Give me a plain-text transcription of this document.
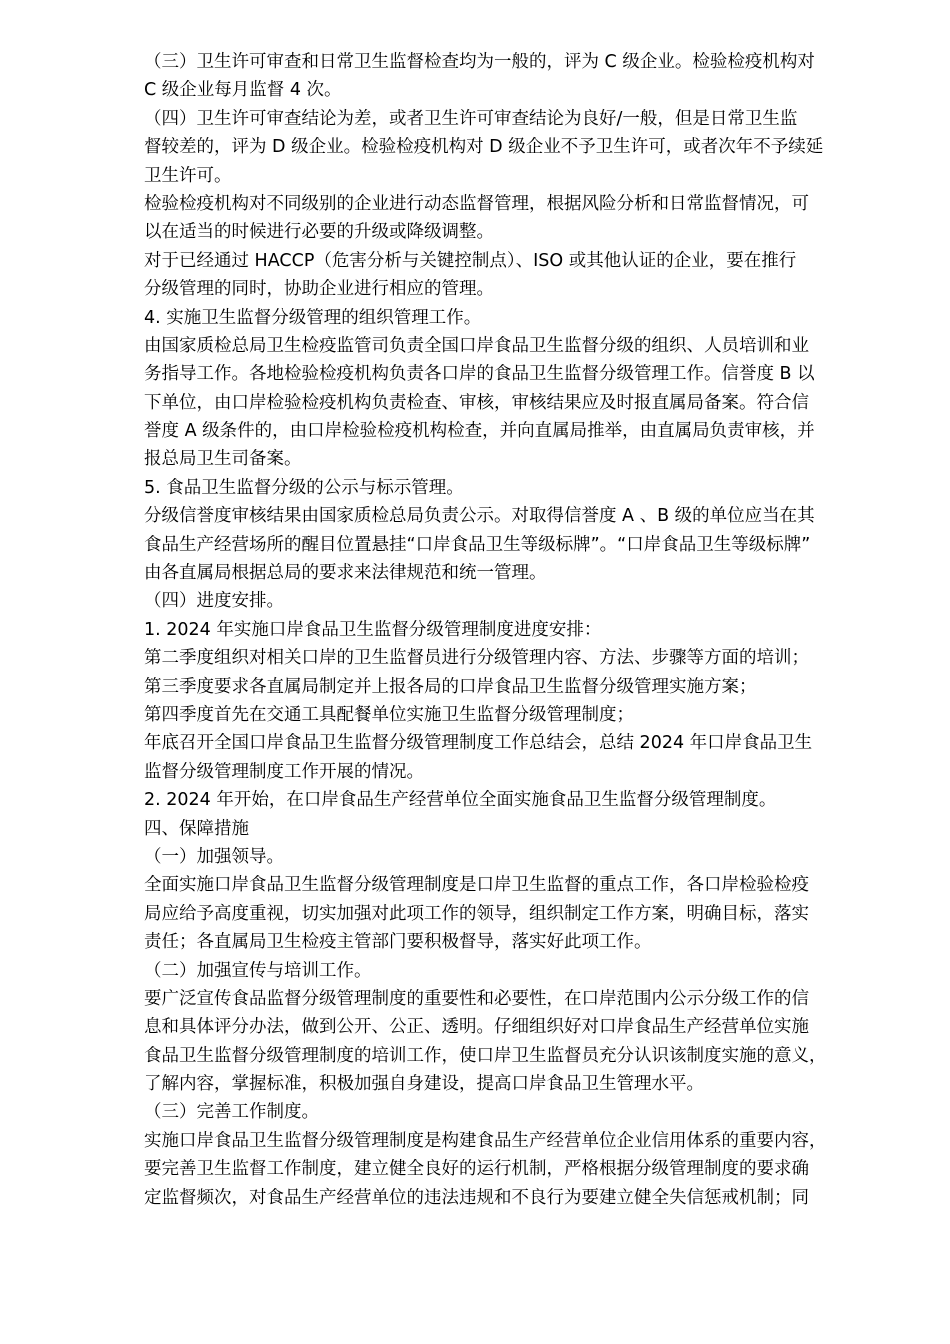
（三）卫生许可审查和日常卫生监督检查均为一般的，评为 C 级企业。检验检疫机构对
C 级企业每月监督 4 次。

（四）卫生许可审查结论为差，或者卫生许可审查结论为良好/一般，但是日常卫生监
督较差的，评为 D 级企业。检验检疫机构对 D 级企业不予卫生许可，或者次年不予续延
卫生许可。

检验检疫机构对不同级别的企业进行动态监督管理，根据风险分析和日常监督情况，可
以在适当的时候进行必要的升级或降级调整。

对于已经通过 HACCP（危害分析与关键控制点）、ISO 或其他认证的企业，要在推行
分级管理的同时，协助企业进行相应的管理。

4. 实施卫生监督分级管理的组织管理工作。

由国家质检总局卫生检疫监管司负责全国口岸食品卫生监督分级的组织、人员培训和业
务指导工作。各地检验检疫机构负责各口岸的食品卫生监督分级管理工作。信誉度 B 以
下单位，由口岸检验检疫机构负责检查、审核，审核结果应及时报直属局备案。符合信
誉度 A 级条件的，由口岸检验检疫机构检查，并向直属局推举，由直属局负责审核，并
报总局卫生司备案。

5. 食品卫生监督分级的公示与标示管理。

分级信誉度审核结果由国家质检总局负责公示。对取得信誉度 A 、B 级的单位应当在其
食品生产经营场所的醒目位置悬挂“口岸食品卫生等级标牌”。“口岸食品卫生等级标牌”
由各直属局根据总局的要求来法律规范和统一管理。

（四）进度安排。

1. 2024 年实施口岸食品卫生监督分级管理制度进度安排：

第二季度组织对相关口岸的卫生监督员进行分级管理内容、方法、步骤等方面的培训；

第三季度要求各直属局制定并上报各局的口岸食品卫生监督分级管理实施方案；

第四季度首先在交通工具配餐单位实施卫生监督分级管理制度；

年底召开全国口岸食品卫生监督分级管理制度工作总结会，总结 2024 年口岸食品卫生
监督分级管理制度工作开展的情况。

2. 2024 年开始，在口岸食品生产经营单位全面实施食品卫生监督分级管理制度。

四、保障措施

（一）加强领导。

全面实施口岸食品卫生监督分级管理制度是口岸卫生监督的重点工作，各口岸检验检疫
局应给予高度重视，切实加强对此项工作的领导，组织制定工作方案，明确目标，落实
责任；各直属局卫生检疫主管部门要积极督导，落实好此项工作。

（二）加强宣传与培训工作。

要广泛宣传食品监督分级管理制度的重要性和必要性，在口岸范围内公示分级工作的信
息和具体评分办法，做到公开、公正、透明。仔细组织好对口岸食品生产经营单位实施
食品卫生监督分级管理制度的培训工作，使口岸卫生监督员充分认识该制度实施的意义，
了解内容，掌握标准，积极加强自身建设，提高口岸食品卫生管理水平。

（三）完善工作制度。

实施口岸食品卫生监督分级管理制度是构建食品生产经营单位企业信用体系的重要内容，
要完善卫生监督工作制度，建立健全良好的运行机制，严格根据分级管理制度的要求确
定监督频次，对食品生产经营单位的违法违规和不良行为要建立健全失信惩戒机制；同
